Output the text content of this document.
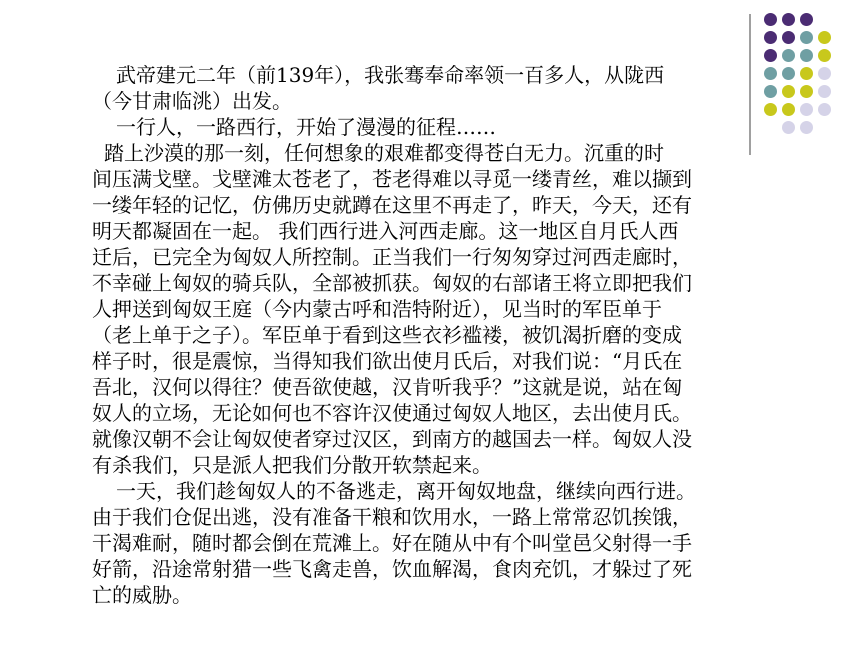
武帝建元二年（前139年），我张骞奉命率领一百多人，从陇西
（今甘肃临洮）出发。
一行人，一路西行，开始了漫漫的征程……
踏上沙漠的那一刻，任何想象的艰难都变得苍白无力。沉重的时
间压满戈壁。戈壁滩太苍老了，苍老得难以寻觅一缕青丝，难以撷到
一缕年轻的记忆，仿佛历史就蹲在这里不再走了，昨天，今天，还有
明天都凝固在一起。 我们西行进入河西走廊。这一地区自月氏人西
迁后，已完全为匈奴人所控制。正当我们一行匆匆穿过河西走廊时，
不幸碰上匈奴的骑兵队，全部被抓获。匈奴的右部诸王将立即把我们
人押送到匈奴王庭（今内蒙古呼和浩特附近），见当时的军臣单于
（老上单于之子）。军臣单于看到这些衣衫褴褛，被饥渴折磨的变成
样子时，很是震惊，当得知我们欲出使月氏后，对我们说：“月氏在
吾北，汉何以得往？使吾欲使越，汉肯听我乎？”这就是说，站在匈
奴人的立场，无论如何也不容许汉使通过匈奴人地区，去出使月氏。
就像汉朝不会让匈奴使者穿过汉区，到南方的越国去一样。匈奴人没
有杀我们，只是派人把我们分散开软禁起来。
一天，我们趁匈奴人的不备逃走，离开匈奴地盘，继续向西行进。
由于我们仓促出逃，没有准备干粮和饮用水，一路上常常忍饥挨饿，
干渴难耐，随时都会倒在荒滩上。好在随从中有个叫堂邑父射得一手
好箭，沿途常射猎一些飞禽走兽，饮血解渴，食肉充饥，才躲过了死
亡的威胁。
